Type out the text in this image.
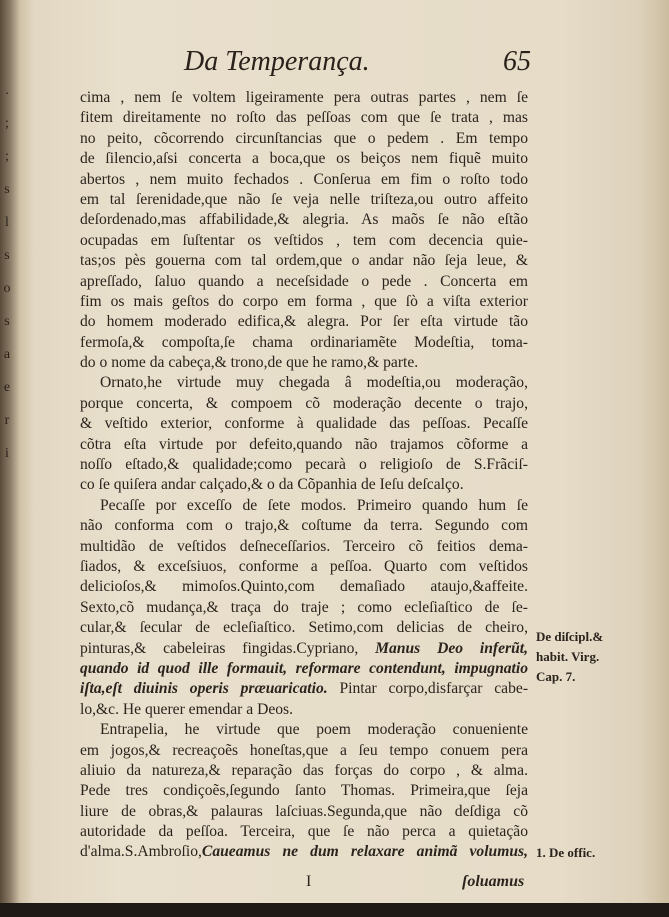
.
;
;
s
l
s
o
s
a
e
r
i
Da Temperança.	65
cima , nem ſe voltem ligeiramente pera outras partes , nem ſe
fitem direitamente no roſto das peſſoas com que ſe trata , mas
no peito, cõcorrendo circunſtancias que o pedem . Em tempo
de ſilencio,aſsi concerta a boca,que os beiços nem fiquẽ muito
abertos , nem muito fechados . Conſerua em fim o roſto todo
em tal ſerenidade,que não ſe veja nelle triſteza,ou outro affeito
deſordenado,mas affabilidade,& alegria. As maõs ſe não eſtão
ocupadas em ſuſtentar os veſtidos , tem com decencia quie-
tas;os pès gouerna com tal ordem,que o andar não ſeja leue, &
apreſſado, ſaluo quando a neceſsidade o pede . Concerta em
fim os mais geſtos do corpo em forma , que ſò a viſta exterior
do homem moderado edifica,& alegra. Por ſer eſta virtude tão
fermoſa,& compoſta,ſe chama ordinariamẽte Modeſtia, toma-
do o nome da cabeça,& trono,de que he ramo,& parte.
Ornato,he virtude muy chegada â modeſtia,ou moderação,
porque concerta, & compoem cõ moderação decente o trajo,
& veſtido exterior, conforme à qualidade das peſſoas. Pecaſſe
cõtra eſta virtude por defeito,quando não trajamos cõforme a
noſſo eſtado,& qualidade;como pecarà o religioſo de S.Frãciſ-
co ſe quiſera andar calçado,& o da Cõpanhia de Ieſu deſcalço.
Pecaſſe por exceſſo de ſete modos. Primeiro quando hum ſe
não conforma com o trajo,& coſtume da terra. Segundo com
multidão de veſtidos deſneceſſarios. Terceiro cõ feitios dema-
ſiados, & exceſsiuos, conforme a peſſoa. Quarto com veſtidos
delicioſos,& mimoſos.Quinto,com demaſiado ataujo,&affeite.
Sexto,cõ mudança,& traça do traje ; como ecleſiaſtico de ſe-
cular,& ſecular de ecleſiaſtico. Setimo,com delicias de cheiro,
pinturas,& cabeleiras fingidas.Cypriano, Manus Deo inferũt,
quando id quod ille formauit, reformare contendunt, impugnatio
iſta,eſt diuinis operis præuaricatio. Pintar corpo,disfarçar cabe-
lo,&c. He querer emendar a Deos.
Entrapelia, he virtude que poem moderação conueniente
em jogos,& recreaçoẽs honeſtas,que a ſeu tempo conuem pera
aliuio da natureza,& reparação das forças do corpo , & alma.
Pede tres condiçoẽs,ſegundo ſanto Thomas. Primeira,que ſeja
liure de obras,& palauras laſciuas.Segunda,que não deſdiga cõ
autoridade da peſſoa. Terceira, que ſe não perca a quietação
d'alma.S.Ambroſio,Caueamus ne dum relaxare animã volumus,
De diſcipl.&
habit. Virg.
Cap. 7.
1. De offic.
I	ſoluamus
